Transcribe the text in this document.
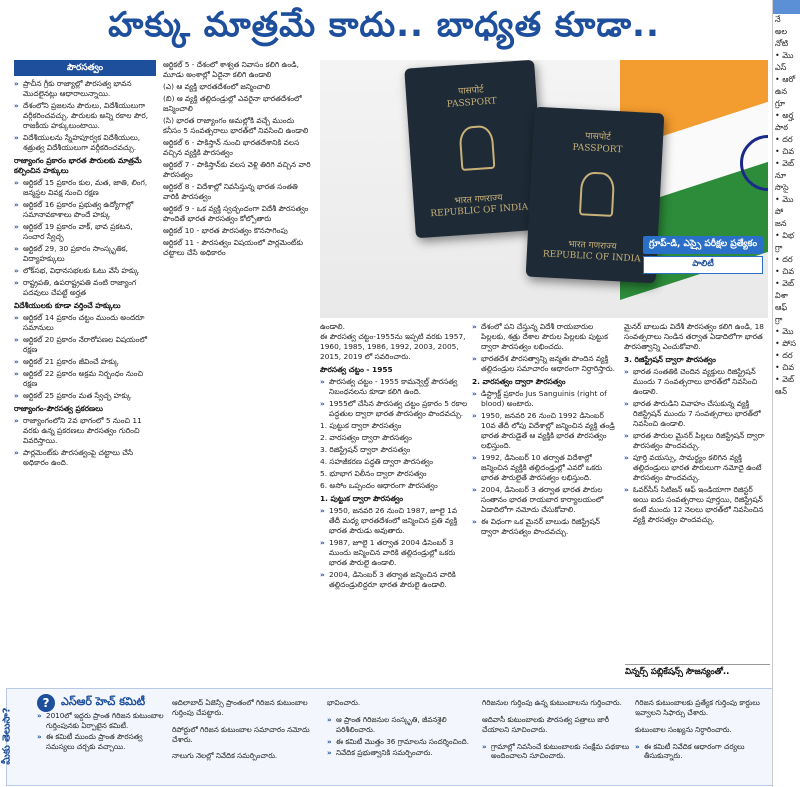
హక్కు మాత్రమే కాదు.. బాధ్యత కూడా..
పౌరసత్వం
» ప్రాచీన గ్రీకు రాజ్యాల్లో పౌరసత్వ భావన మొదలైనట్లు ఆధారాలున్నాయి.
» దేశంలోని ప్రజలను పౌరులు, విదేశీయులుగా వర్గీకరించవచ్చు. పౌరులకు అన్ని రకాల పౌర, రాజకీయ హక్కులుంటాయి.
» విదేశీయులను స్నేహపూర్వక విదేశీయులు, శత్రుత్వ విదేశీయులుగా వర్గీకరించవచ్చు.
రాజ్యాంగం ప్రకారం భారత పౌరులకు మాత్రమే కల్పించిన హక్కులు
» ఆర్టికల్ 15 ప్రకారం కుల, మత, జాతి, లింగ, జన్మస్థల వివక్ష నుంచి రక్షణ
» ఆర్టికల్ 16 ప్రకారం ప్రభుత్వ ఉద్యోగాల్లో సమానావకాశాలు పొందే హక్కు
» ఆర్టికల్ 19 ప్రకారం వాక్, భావ ప్రకటన, సంచార స్వేచ్ఛ
» ఆర్టికల్ 29, 30 ప్రకారం సాంస్కృతిక, విద్యాహక్కులు
» లోక్‌సభ, విధానసభలకు ఓటు వేసే హక్కు
» రాష్ట్రపతి, ఉపరాష్ట్రపతి వంటి రాజ్యాంగ పదవులు చేపట్టే అర్హత
విదేశీయులకు కూడా వర్తించే హక్కులు
» ఆర్టికల్ 14 ప్రకారం చట్టం ముందు అందరూ సమానులు
» ఆర్టికల్ 20 ప్రకారం నేరారోపణల విషయంలో రక్షణ
» ఆర్టికల్ 21 ప్రకారం జీవించే హక్కు
» ఆర్టికల్ 22 ప్రకారం అక్రమ నిర్బంధం నుంచి రక్షణ
» ఆర్టికల్ 25 ప్రకారం మత స్వేచ్ఛ హక్కు
రాజ్యాంగం-పౌరసత్వ ప్రకరణలు
» రాజ్యాంగంలోని 2వ భాగంలో 5 నుంచి 11 వరకు ఉన్న ప్రకరణలు పౌరసత్వం గురించి వివరిస్తాయి.
» పార్లమెంట్‌కు పౌరసత్వంపై చట్టాలు చేసే అధికారం ఉంది.

ఆర్టికల్ 5 - దేశంలో శాశ్వత నివాసం కలిగి ఉండి, మూడు అంశాల్లో ఏదైనా కలిగి ఉండాలి

(ఎ) ఆ వ్యక్తి భారతదేశంలో జన్మించాలి

(బి) ఆ వ్యక్తి తల్లిదండ్రుల్లో ఎవరైనా భారతదేశంలో జన్మించాలి

(సి) భారత రాజ్యాంగం అమల్లోకి వచ్చే ముందు కనీసం 5 సంవత్సరాలు భారత్‌లో నివసించి ఉండాలి

ఆర్టికల్ 6 - పాకిస్తాన్ నుంచి భారతదేశానికి వలస వచ్చిన వ్యక్తికి పౌరసత్వం

ఆర్టికల్ 7 - పాకిస్తాన్‌కు వలస వెళ్లి తిరిగి వచ్చిన వారి పౌరసత్వం

ఆర్టికల్ 8 - విదేశాల్లో నివసిస్తున్న భారత సంతతి వారికి పౌరసత్వం

ఆర్టికల్ 9 - ఒక వ్యక్తి స్వచ్ఛందంగా విదేశీ పౌరసత్వం పొందితే భారత పౌరసత్వం కోల్పోతారు

ఆర్టికల్ 10 - భారత పౌరసత్వం కొనసాగింపు

ఆర్టికల్ 11 - పౌరసత్వం విషయంలో పార్లమెంట్‌కు చట్టాలు చేసే అధికారం

पासपोर्ट
PASSPORT
भारत गणराज्य
REPUBLIC OF INDIA
पासपोर्ट
PASSPORT
भारत गणराज्य
REPUBLIC OF INDIA
గ్రూప్-డి, ఎస్సై పరీక్షల ప్రత్యేకం
పాలిటీ

ఉండాలి.
ఈ పౌరసత్వ చట్టం-1955ను ఇప్పటి వరకు 1957, 1960, 1985, 1986, 1992, 2003, 2005, 2015, 2019 లో సవరించారు.

పౌరసత్వ చట్టం - 1955
» పౌరసత్వ చట్టం - 1955 కామన్వెల్త్ పౌరసత్వ నిబంధనలను కూడా కలిగి ఉంది.
» 1955లో చేసిన పౌరసత్వ చట్టం ప్రకారం 5 రకాల పద్ధతుల ద్వారా భారత పౌరసత్వం పొందవచ్చు.

1. పుట్టుక ద్వారా పౌరసత్వం

2. వారసత్వం ద్వారా పౌరసత్వం

3. రిజిస్ట్రేషన్ ద్వారా పౌరసత్వం

4. సహజీకరణ పద్ధతి ద్వారా పౌరసత్వం

5. భూభాగ విలీనం ద్వారా పౌరసత్వం

6. అసోం ఒప్పందం ఆధారంగా పౌరసత్వం

1. పుట్టుక ద్వారా పౌరసత్వం
» 1950, జనవరి 26 నుంచి 1987, జూలై 1వ తేదీ మధ్య భారతదేశంలో జన్మించిన ప్రతి వ్యక్తి భారత పౌరుడు అవుతారు.
» 1987, జూలై 1 తర్వాత 2004 డిసెంబర్ 3 ముందు జన్మించిన వారికి తల్లిదండ్రుల్లో ఒకరు భారత పౌరులై ఉండాలి.
» 2004, డిసెంబర్ 3 తర్వాత జన్మించిన వారికి తల్లిదండ్రులిద్దరూ భారత పౌరులై ఉండాలి.
» దేశంలో పని చేస్తున్న విదేశీ రాయబారుల పిల్లలకు, శత్రు దేశాల పౌరుల పిల్లలకు పుట్టుక ద్వారా పౌరసత్వం లభించదు.
» భారతదేశ పౌరసత్వాన్ని జన్మతః పొందిన వ్యక్తి తల్లిదండ్రుల సమాచారం ఆధారంగా నిర్ధారిస్తారు.
2. వారసత్వం ద్వారా పౌరసత్వం
» డిస్ట్రాక్ట్ ప్రకారం Jus Sanguinis (right of blood) అంటారు.
» 1950, జనవరి 26 నుంచి 1992 డిసెంబర్ 10వ తేదీ లోపు విదేశాల్లో జన్మించిన వ్యక్తి తండ్రి భారత పౌరుడైతే ఆ వ్యక్తికి భారత పౌరసత్వం లభిస్తుంది.
» 1992, డిసెంబర్ 10 తర్వాత విదేశాల్లో జన్మించిన వ్యక్తికి తల్లిదండ్రుల్లో ఎవరో ఒకరు భారత పౌరులైతే పౌరసత్వం లభిస్తుంది.
» 2004, డిసెంబర్ 3 తర్వాత భారత పౌరుల సంతానం భారత రాయబార కార్యాలయంలో ఏడాదిలోగా నమోదు చేసుకోవాలి.
» ఈ విధంగా ఒక మైనర్ బాలుడు రిజిస్ట్రేషన్ ద్వారా పౌరసత్వం పొందవచ్చు.

మైనర్ బాలుడు విదేశీ పౌరసత్వం కలిగి ఉండి, 18 సంవత్సరాలు నిండిన తర్వాత ఏడాదిలోగా భారత పౌరసత్వాన్ని ఎంచుకోవాలి.

3. రిజిస్ట్రేషన్ ద్వారా పౌరసత్వం
» భారత సంతతికి చెందిన వ్యక్తులు రిజిస్ట్రేషన్ ముందు 7 సంవత్సరాలు భారత్‌లో నివసించి ఉండాలి.
» భారత పౌరుడిని వివాహం చేసుకున్న వ్యక్తి రిజిస్ట్రేషన్ ముందు 7 సంవత్సరాలు భారత్‌లో నివసించి ఉండాలి.
» భారత పౌరుల మైనర్ పిల్లలు రిజిస్ట్రేషన్ ద్వారా పౌరసత్వం పొందవచ్చు.
» పూర్తి వయస్సు, సామర్థ్యం కలిగిన వ్యక్తి తల్లిదండ్రులు భారత పౌరులుగా నమోదై ఉంటే పౌరసత్వం పొందవచ్చు.
» ఓవర్‌సీస్ సిటిజన్ ఆఫ్ ఇండియాగా రిజిస్టర్ అయి ఐదు సంవత్సరాలు పూర్తయి, రిజిస్ట్రేషన్ కంటే ముందు 12 నెలలు భారత్‌లో నివసించిన వ్యక్తి పౌరసత్వం పొందవచ్చు.
విన్నర్స్ పబ్లికేషన్స్ సౌజన్యంతో..
మీకు తెలుసా?
?	ఎస్ఆర్ హెచ్ కమిటీ
» 2010లో ఇద్దరు ప్రాంత గిరిజన కుటుంబాల గుర్తింపునకు ఏర్పాటైన కమిటీ.
» ఈ కమిటీ ముందు ప్రాంత పౌరసత్వ సమస్యలు చర్చకు వచ్చాయి.

ఆదిలాబాద్ ఏజెన్సీ ప్రాంతంలో గిరిజన కుటుంబాల గుర్తింపు చేపట్టారు.

రిపోర్టులో గిరిజన కుటుంబాల సమాచారం నమోదు చేశారు.

నాలుగు నెలల్లో నివేదిక సమర్పించారు.

భావించారు.

» ఆ ప్రాంత గిరిజనుల సంస్కృతి, జీవనశైలి పరిశీలించారు.
» ఈ కమిటీ మొత్తం 36 గ్రామాలను సందర్శించింది.
» నివేదిక ప్రభుత్వానికి సమర్పించారు.

గిరిజనుల గుర్తింపు ఉన్న కుటుంబాలను గుర్తించారు.

ఆదివాసీ కుటుంబాలకు పౌరసత్వ పత్రాలు జారీ చేయాలని సూచించారు.

» గ్రామాల్లో నివసించే కుటుంబాలకు సంక్షేమ పథకాలు అందించాలని సూచించారు.

గిరిజన కుటుంబాలకు ప్రత్యేక గుర్తింపు కార్డులు ఇవ్వాలని సిఫార్సు చేశారు.

కుటుంబాల సంఖ్యను నిర్ధారించారు.

» ఈ కమిటీ నివేదిక ఆధారంగా చర్యలు తీసుకున్నారు.
నే
అల
నోటి
• మొ
ఎస్
• ఆరో
ఉన
గ్రూ
• అర్హ
పాఠ
• దర
• చివ
• వెబ్
నూ
సొసై
• మొ
పో
జన
• విభ
గ్రా
• దర
• చివ
• వెబ్
విశా
ఆఫ్
గ్రా
• మొ
• పోస
• దర
• చివ
• వెబ్
ఆన్
